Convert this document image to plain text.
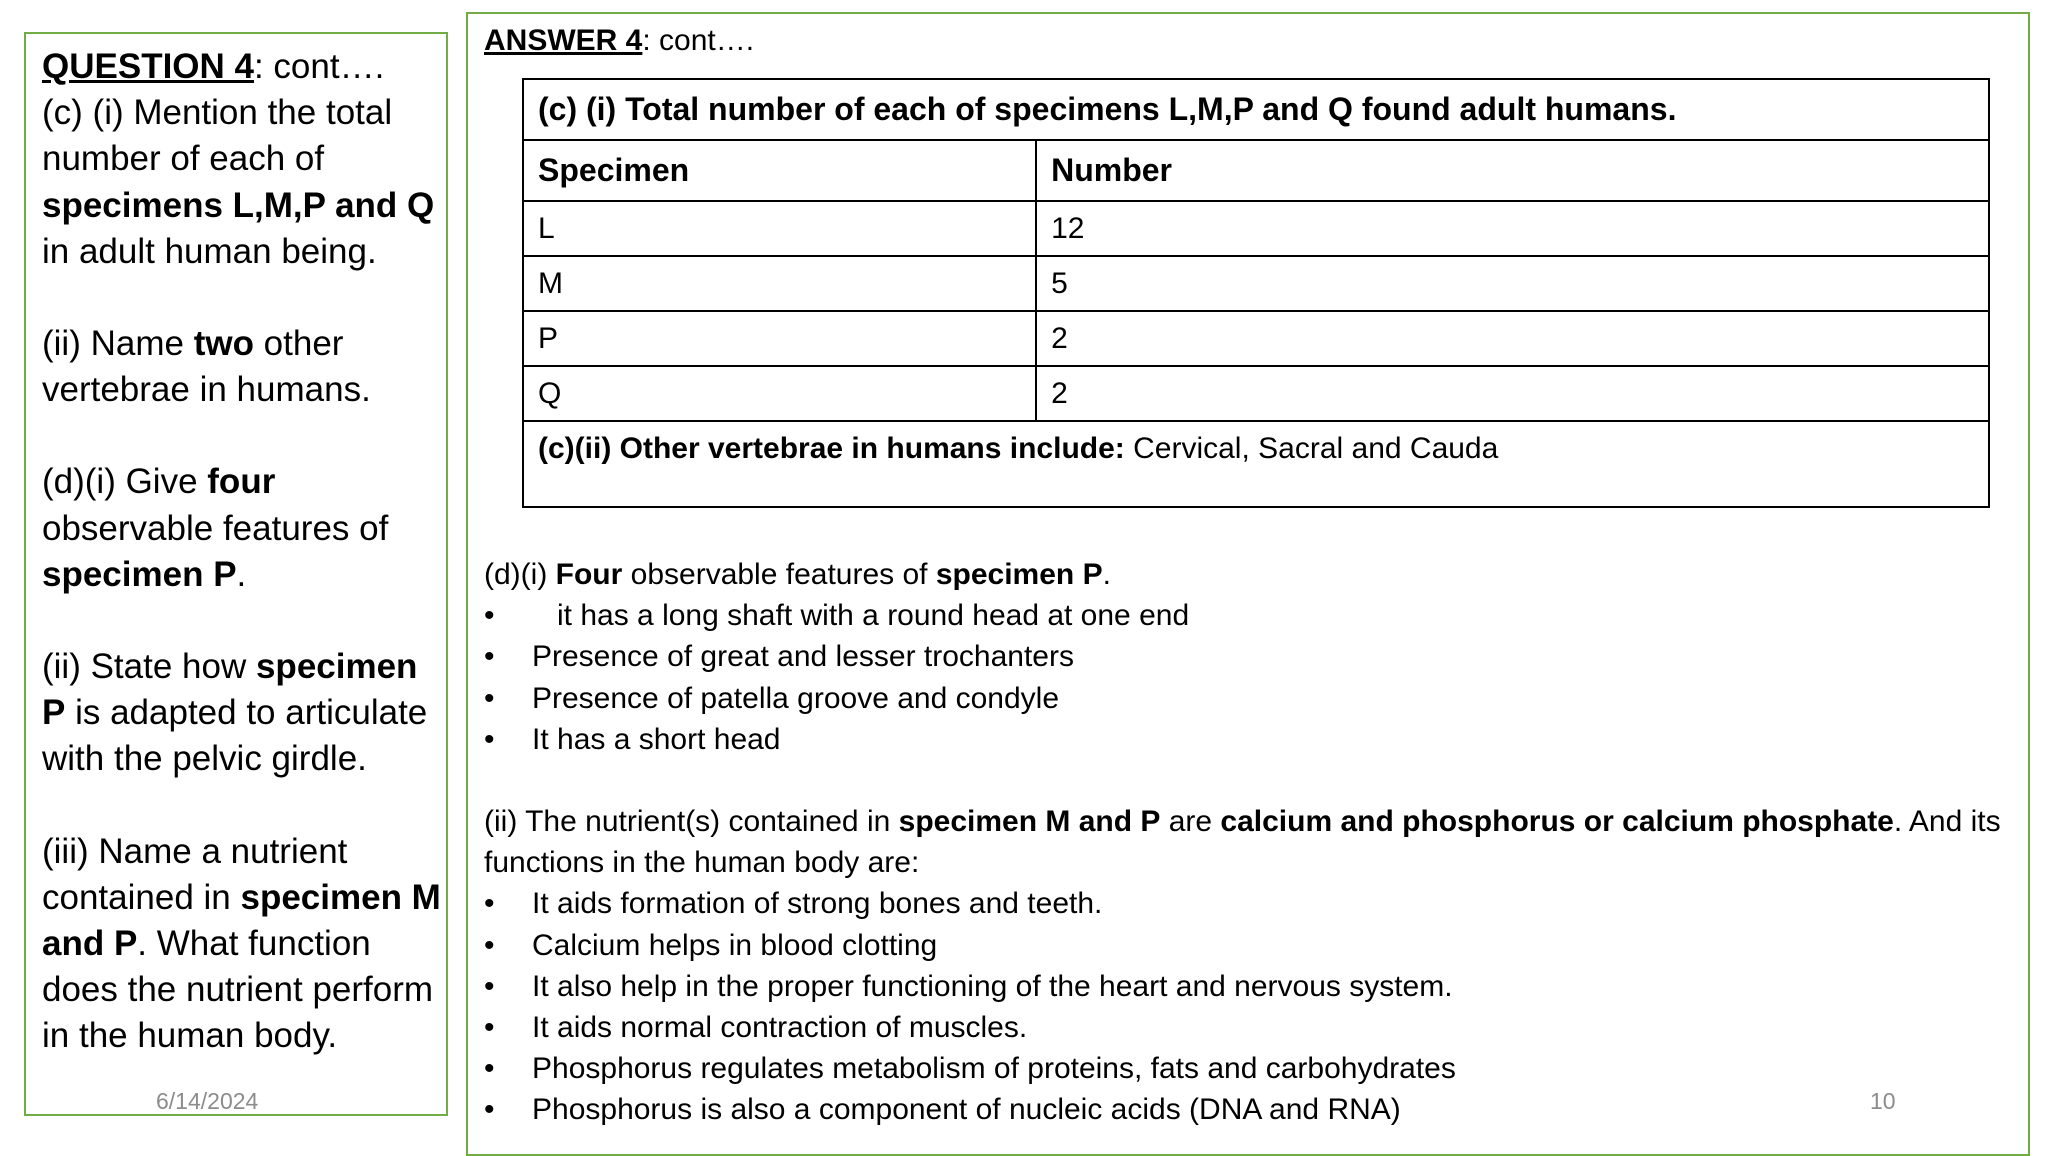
QUESTION 4: cont….
(c) (i) Mention the total number of each of specimens L,M,P and Q in adult human being.

(ii) Name two other vertebrae in humans.

(d)(i) Give four observable features of specimen P.

(ii) State how specimen P is adapted to articulate with the pelvic girdle.

(iii) Name a nutrient contained in specimen M and P. What function does the nutrient perform in the human body.

ANSWER 4: cont….
(c) (i) Total number of each of specimens L,M,P and Q found adult humans.	
Specimen	Number
L	12
M	5
P	2
Q	2
(c)(ii) Other vertebrae in humans include: Cervical, Sacral and Cauda	

(d)(i) Four observable features of specimen P.

•    it has a long shaft with a round head at one end
• Presence of great and lesser trochanters
• Presence of patella groove and condyle
• It has a short head

(ii) The nutrient(s) contained in specimen M and P are calcium and phosphorus or calcium phosphate. And its functions in the human body are:

• It aids formation of strong bones and teeth.
• Calcium helps in blood clotting
• It also help in the proper functioning of the heart and nervous system.
• It aids normal contraction of muscles.
• Phosphorus regulates metabolism of proteins, fats and carbohydrates
• Phosphorus is also a component of nucleic acids (DNA and RNA)
6/14/2024	10
